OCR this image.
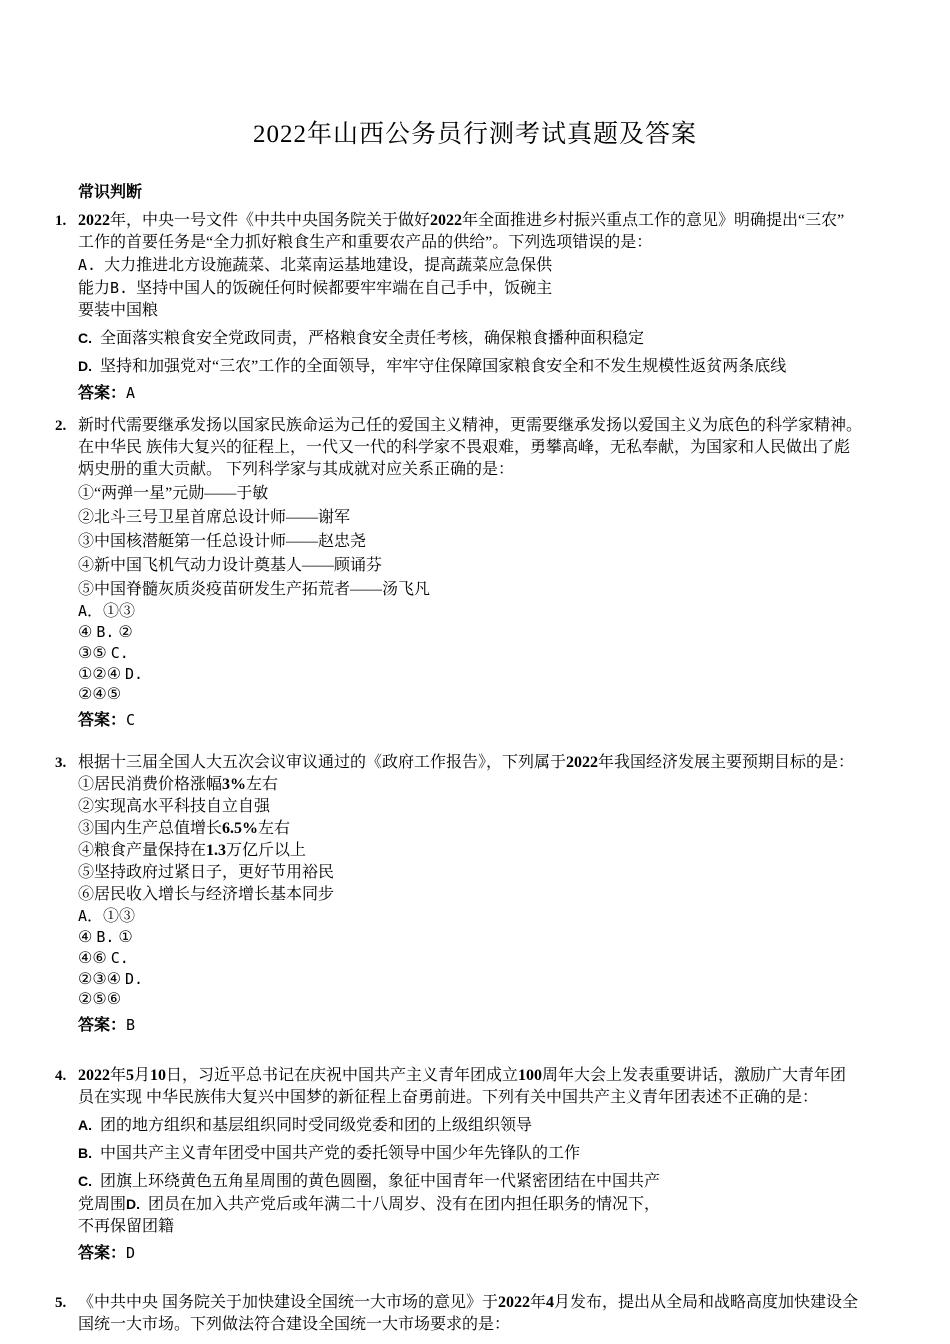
2022年山西公务员行测考试真题及答案
常识判断
1. 2022年，中央一号文件《中共中央国务院关于做好2022年全面推进乡村振兴重点工作的意见》明确提出“三农”
工作的首要任务是“全力抓好粮食生产和重要农产品的供给”。下列选项错误的是：
A.  大力推进北方设施蔬菜、北菜南运基地建设，提高蔬菜应急保供
能力B.  坚持中国人的饭碗任何时候都要牢牢端在自己手中，饭碗主
要装中国粮
C.  全面落实粮食安全党政同责，严格粮食安全责任考核，确保粮食播种面积稳定
D.  坚持和加强党对“三农”工作的全面领导，牢牢守住保障国家粮食安全和不发生规模性返贫两条底线
答案：A
2. 新时代需要继承发扬以国家民族命运为己任的爱国主义精神，更需要继承发扬以爱国主义为底色的科学家精神。
在中华民 族伟大复兴的征程上，一代又一代的科学家不畏艰难，勇攀高峰，无私奉献，为国家和人民做出了彪
炳史册的重大贡献。 下列科学家与其成就对应关系正确的是：
①“两弹一星”元勋——于敏
②北斗三号卫星首席总设计师——谢军
③中国核潜艇第一任总设计师——赵忠尧
④新中国飞机气动力设计奠基人——顾诵芬
⑤中国脊髓灰质炎疫苗研发生产拓荒者——汤飞凡
A．①③
④ B. ②
③⑤ C.
①②④ D.
②④⑤
答案：C
3. 根据十三届全国人大五次会议审议通过的《政府工作报告》，下列属于2022年我国经济发展主要预期目标的是：
①居民消费价格涨幅3%左右
②实现高水平科技自立自强
③国内生产总值增长6.5%左右
④粮食产量保持在1.3万亿斤以上
⑤坚持政府过紧日子，更好节用裕民
⑥居民收入增长与经济增长基本同步
A．①③
④ B. ①
④⑥ C.
②③④ D.
②⑤⑥
答案：B
4. 2022年5月10日，习近平总书记在庆祝中国共产主义青年团成立100周年大会上发表重要讲话，激励广大青年团
员在实现 中华民族伟大复兴中国梦的新征程上奋勇前进。下列有关中国共产主义青年团表述不正确的是：
A.  团的地方组织和基层组织同时受同级党委和团的上级组织领导
B.  中国共产主义青年团受中国共产党的委托领导中国少年先锋队的工作
C.  团旗上环绕黄色五角星周围的黄色圆圈，象征中国青年一代紧密团结在中国共产
党周围D.  团员在加入共产党后或年满二十八周岁、没有在团内担任职务的情况下，
不再保留团籍
答案：D
5. 《中共中央 国务院关于加快建设全国统一大市场的意见》于2022年4月发布，提出从全局和战略高度加快建设全
国统一大市场。下列做法符合建设全国统一大市场要求的是：
